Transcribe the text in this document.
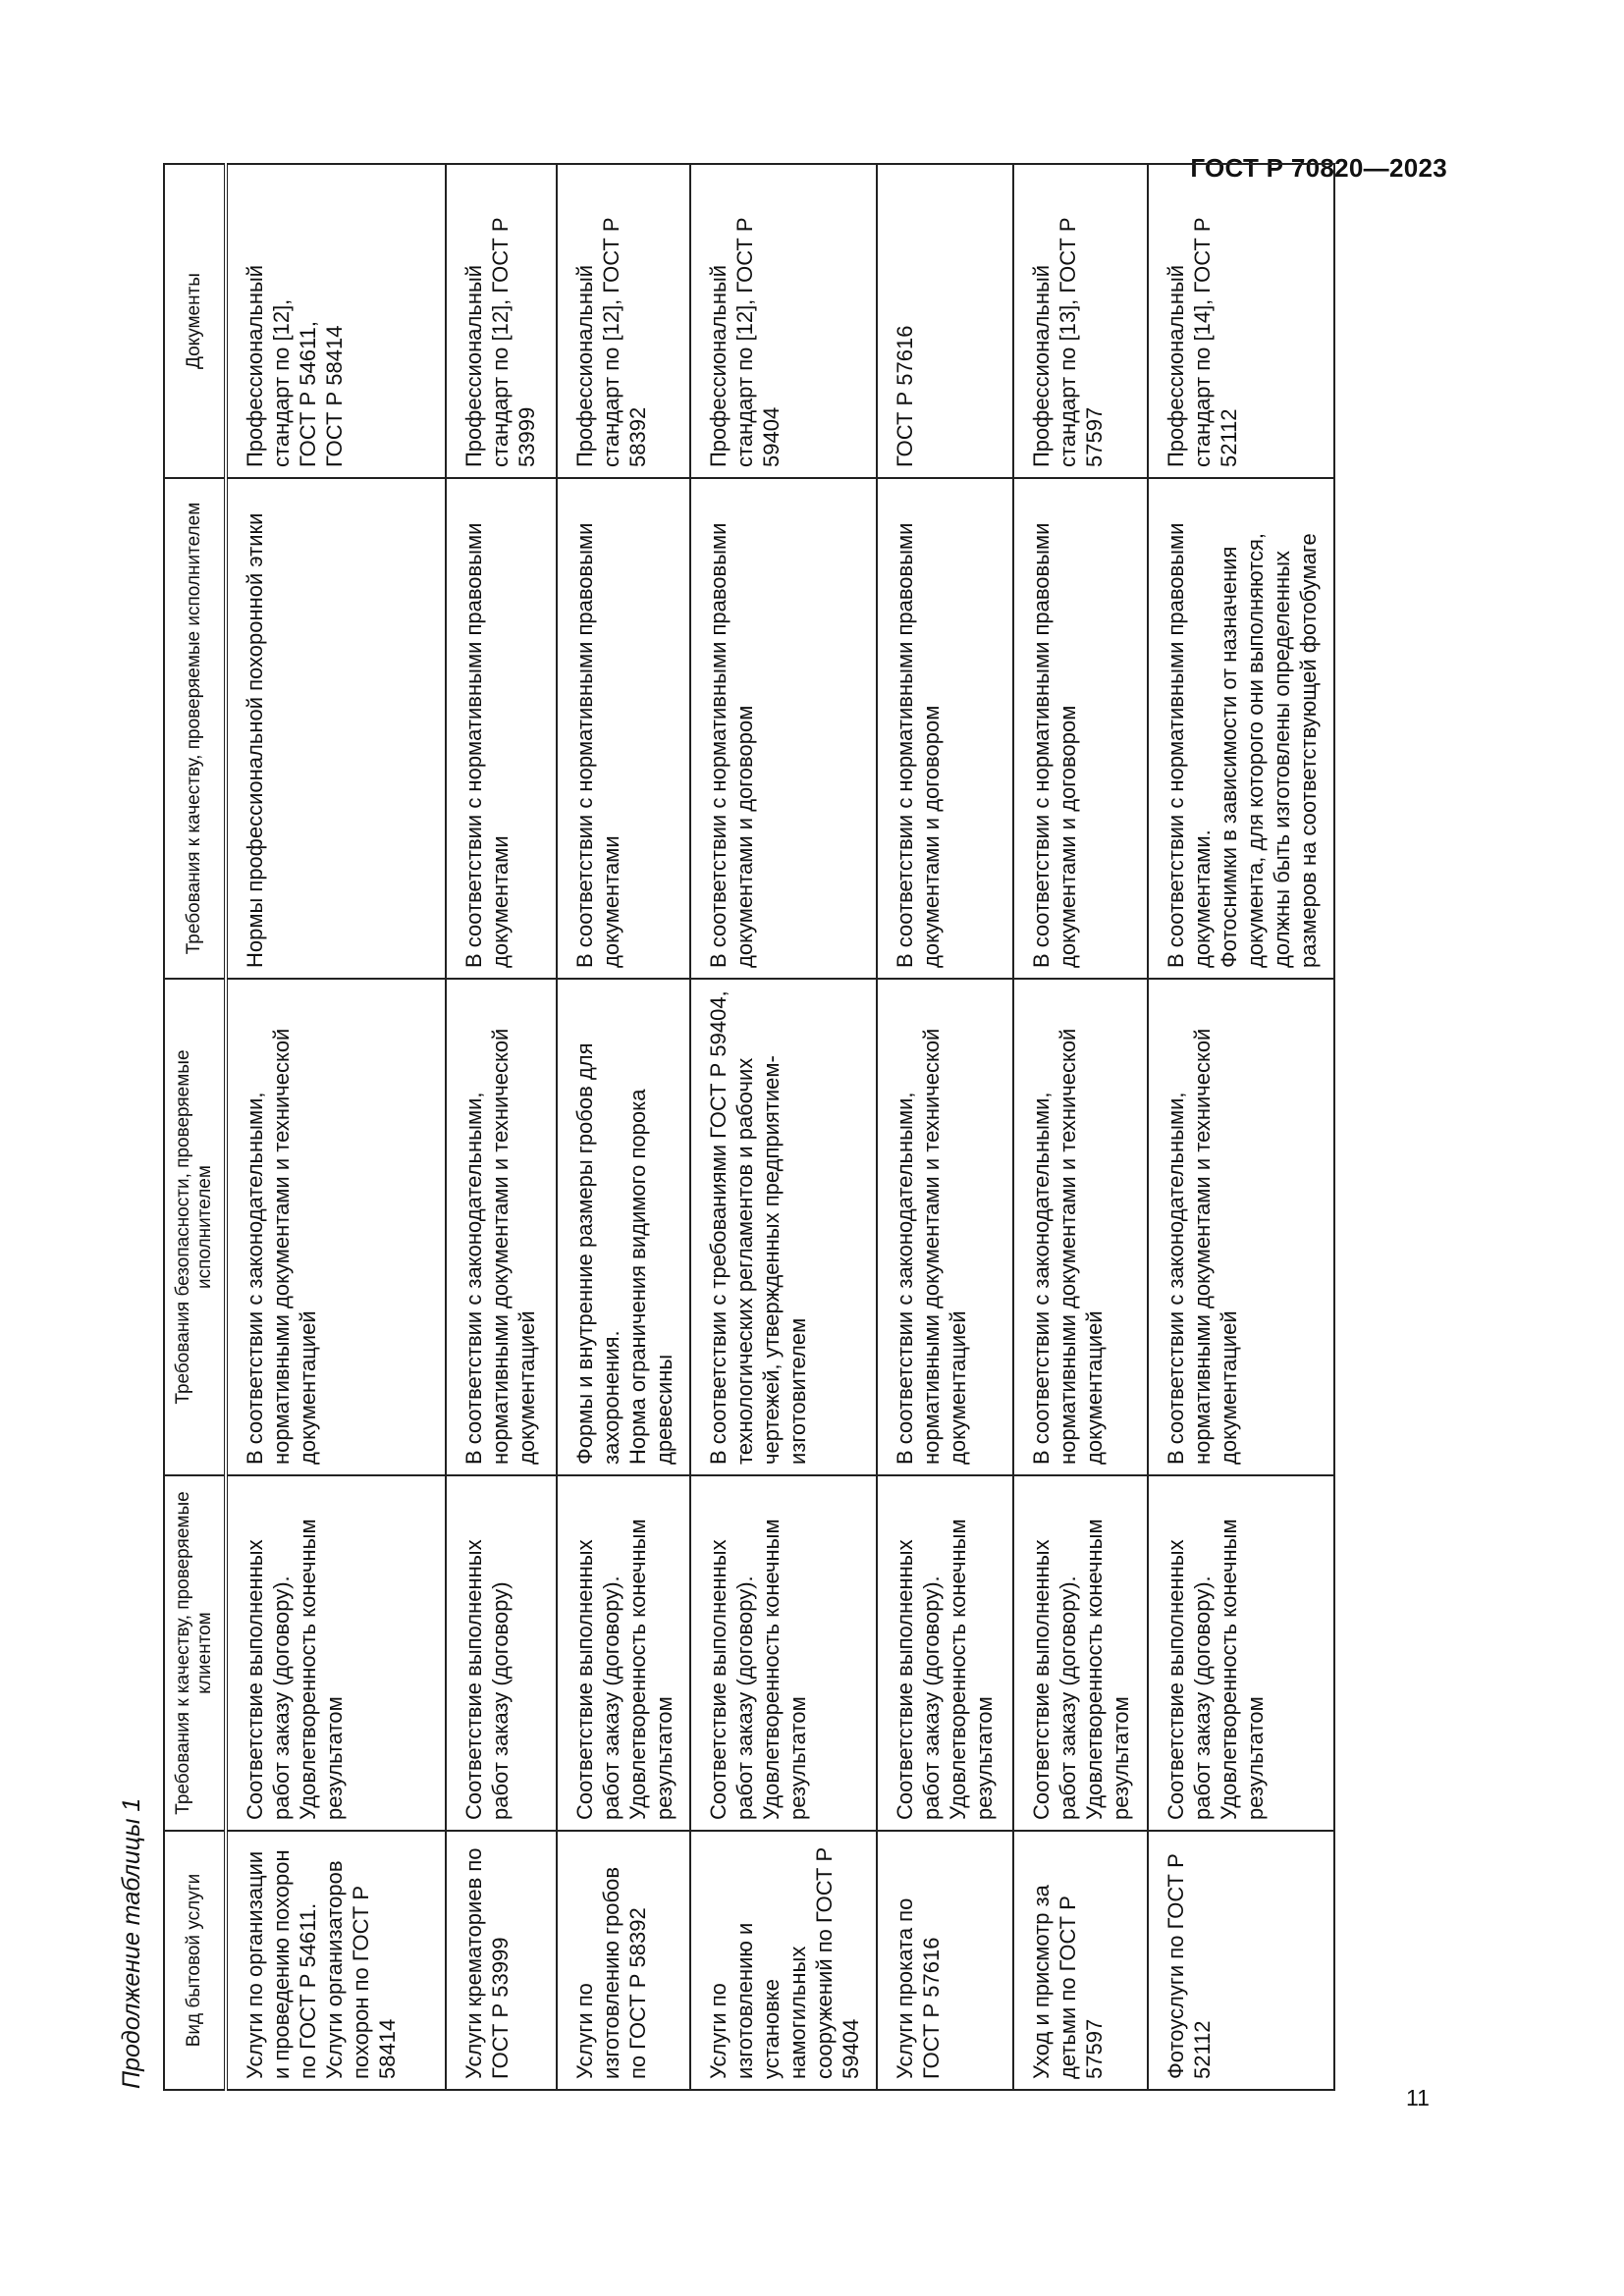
ГОСТ Р 70820—2023
Продолжение таблицы 1	Вид бытовой услуги	Требования к качеству, проверяемые клиентом	Требования безопасности, проверяемые исполнителем	Требования к качеству, проверяемые исполнителем	Документы

Услуги по организации и проведению похорон по ГОСТ Р 54611. Услуги организаторов похорон по ГОСТ Р 58414	Соответствие выполненных работ заказу (договору). Удовлетворенность конечным результатом	В соответствии с законодательными, нормативными документами и технической документацией	Нормы профессиональной похоронной этики	Профессиональный стандарт по [12], ГОСТ Р 54611, ГОСТ Р 58414

Услуги крематориев по ГОСТ Р 53999	Соответствие выполненных работ заказу (договору)	В соответствии с законодательными, нормативными документами и технической документацией	В соответствии с нормативными правовыми документами	Профессиональный стандарт по [12], ГОСТ Р 53999

Услуги по изготовлению гробов по ГОСТ Р 58392	Соответствие выполненных работ заказу (договору). Удовлетворенность конечным результатом	Формы и внутренние размеры гробов для захоронения. Норма ограничения видимого порока древесины	В соответствии с нормативными правовыми документами	Профессиональный стандарт по [12], ГОСТ Р 58392

Услуги по изготовлению и установке намогильных сооружений по ГОСТ Р 59404	Соответствие выполненных работ заказу (договору). Удовлетворенность конечным результатом	В соответствии с требованиями ГОСТ Р 59404, технологических регламентов и рабочих чертежей, утвержденных предприятием-изготовителем	В соответствии с нормативными правовыми документами и договором	Профессиональный стандарт по [12], ГОСТ Р 59404

Услуги проката по ГОСТ Р 57616	Соответствие выполненных работ заказу (договору). Удовлетворенность конечным результатом	В соответствии с законодательными, нормативными документами и технической документацией	В соответствии с нормативными правовыми документами и договором	ГОСТ Р 57616

Уход и присмотр за детьми по ГОСТ Р 57597	Соответствие выполненных работ заказу (договору). Удовлетворенность конечным результатом	В соответствии с законодательными, нормативными документами и технической документацией	В соответствии с нормативными правовыми документами и договором	Профессиональный стандарт по [13], ГОСТ Р 57597

Фотоуслуги по ГОСТ Р 52112	Соответствие выполненных работ заказу (договору). Удовлетворенность конечным результатом	В соответствии с законодательными, нормативными документами и технической документацией	В соответствии с нормативными правовыми документами. Фотоснимки в зависимости от назначения документа, для которого они выполняются, должны быть изготовлены определенных размеров на соответствующей фотобумаге	Профессиональный стандарт по [14], ГОСТ Р 52112
11
